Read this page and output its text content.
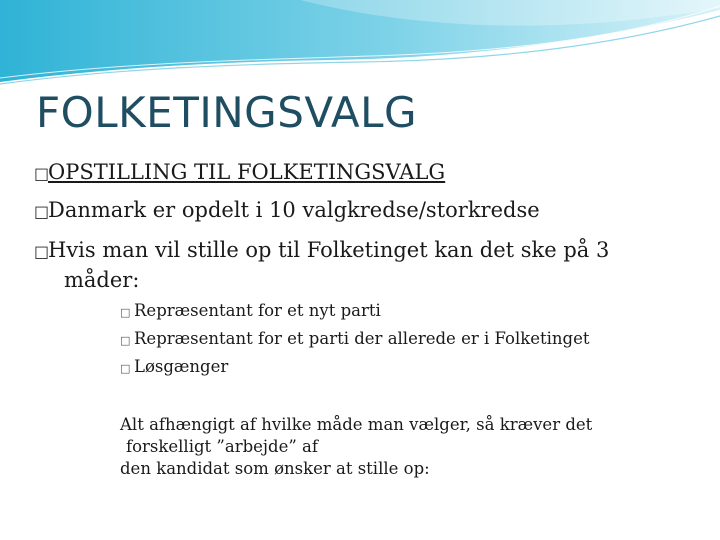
FOLKETINGSVALG
□OPSTILLING TIL FOLKETINGSVALG
□Danmark er opdelt i 10 valgkredse/storkredse
□Hvis man vil stille op til Folketinget kan det ske på 3
måder:
□ Repræsentant for et nyt parti
□ Repræsentant for et parti der allerede er i Folketinget
□ Løsgænger
Alt afhængigt af hvilke måde man vælger, så kræver det
forskelligt ”arbejde” af
den kandidat som ønsker at stille op:
